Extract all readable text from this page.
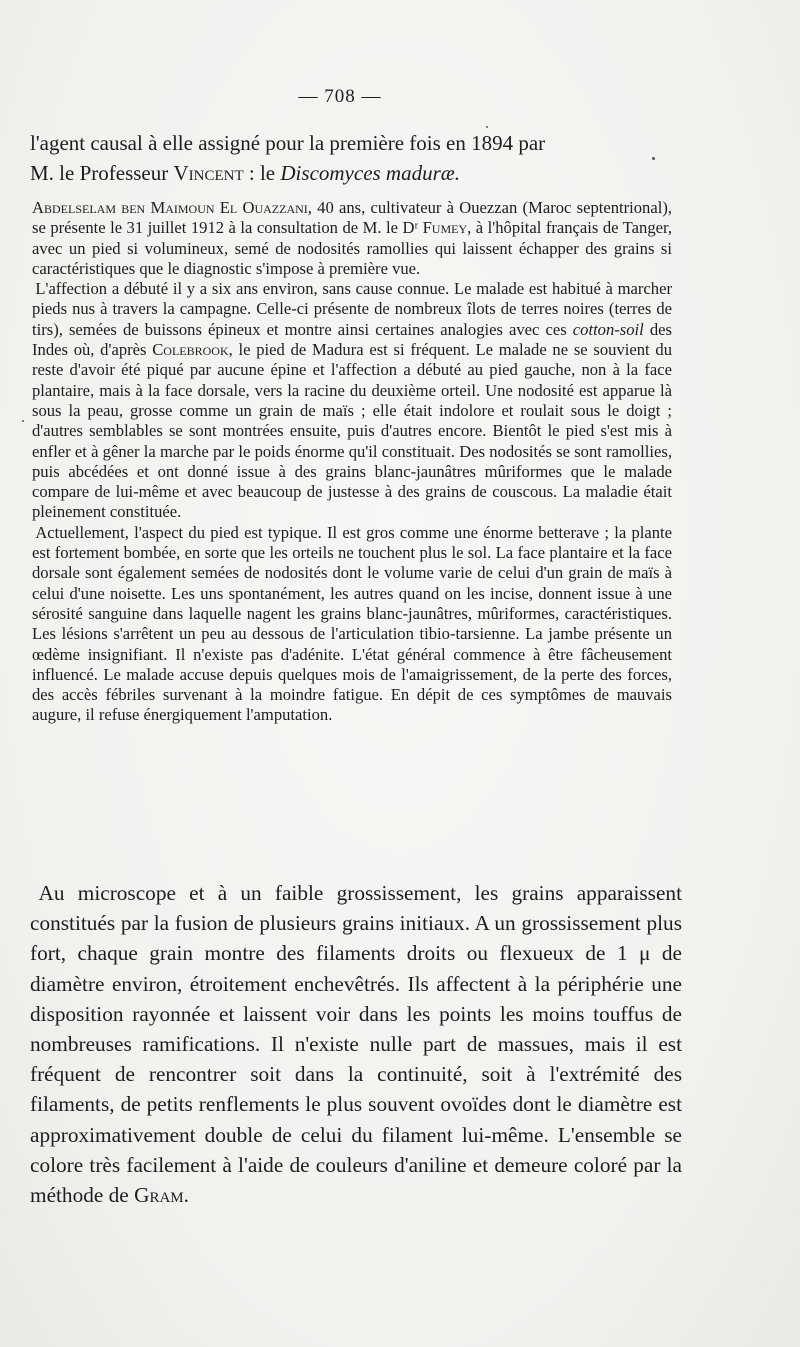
— 708 —

l'agent causal à elle assigné pour la première fois en 1894 par

M. le Professeur Vincent : le Discomyces maduræ.

Abdelselam ben Maimoun El Ouazzani, 40 ans, cultivateur à Ouezzan (Maroc septentrional), se présente le 31 juillet 1912 à la consultation de M. le Dʳ Fumey, à l'hôpital français de Tanger, avec un pied si volumineux, semé de nodosités ramollies qui laissent échapper des grains si caractéristiques que le diagnostic s'impose à première vue.

L'affection a débuté il y a six ans environ, sans cause connue. Le malade est habitué à marcher pieds nus à travers la campagne. Celle-ci présente de nombreux îlots de terres noires (terres de tirs), semées de buissons épineux et montre ainsi certaines analogies avec ces cotton-soil des Indes où, d'après Colebrook, le pied de Madura est si fréquent. Le malade ne se souvient du reste d'avoir été piqué par aucune épine et l'affection a débuté au pied gauche, non à la face plantaire, mais à la face dorsale, vers la racine du deuxième orteil. Une nodosité est apparue là sous la peau, grosse comme un grain de maïs ; elle était indolore et roulait sous le doigt ; d'autres semblables se sont montrées ensuite, puis d'autres encore. Bientôt le pied s'est mis à enfler et à gêner la marche par le poids énorme qu'il constituait. Des nodosités se sont ramollies, puis abcédées et ont donné issue à des grains blanc-jaunâtres mûriformes que le malade compare de lui-même et avec beaucoup de justesse à des grains de couscous. La maladie était pleinement constituée.

Actuellement, l'aspect du pied est typique. Il est gros comme une énorme betterave ; la plante est fortement bombée, en sorte que les orteils ne touchent plus le sol. La face plantaire et la face dorsale sont également semées de nodosités dont le volume varie de celui d'un grain de maïs à celui d'une noisette. Les uns spontanément, les autres quand on les incise, donnent issue à une sérosité sanguine dans laquelle nagent les grains blanc-jaunâtres, mûriformes, caractéristiques. Les lésions s'arrêtent un peu au dessous de l'articulation tibio-tarsienne. La jambe présente un œdème insignifiant. Il n'existe pas d'adénite. L'état général commence à être fâcheusement influencé. Le malade accuse depuis quelques mois de l'amaigrissement, de la perte des forces, des accès fébriles survenant à la moindre fatigue. En dépit de ces symptômes de mauvais augure, il refuse énergiquement l'amputation.

Au microscope et à un faible grossissement, les grains apparaissent constitués par la fusion de plusieurs grains initiaux. A un grossissement plus fort, chaque grain montre des filaments droits ou flexueux de 1 μ de diamètre environ, étroitement enchevêtrés. Ils affectent à la périphérie une disposition rayonnée et laissent voir dans les points les moins touffus de nombreuses ramifications. Il n'existe nulle part de massues, mais il est fréquent de rencontrer soit dans la continuité, soit à l'extrémité des filaments, de petits renflements le plus souvent ovoïdes dont le diamètre est approximativement double de celui du filament lui-même. L'ensemble se colore très facilement à l'aide de couleurs d'aniline et demeure coloré par la méthode de Gram.
